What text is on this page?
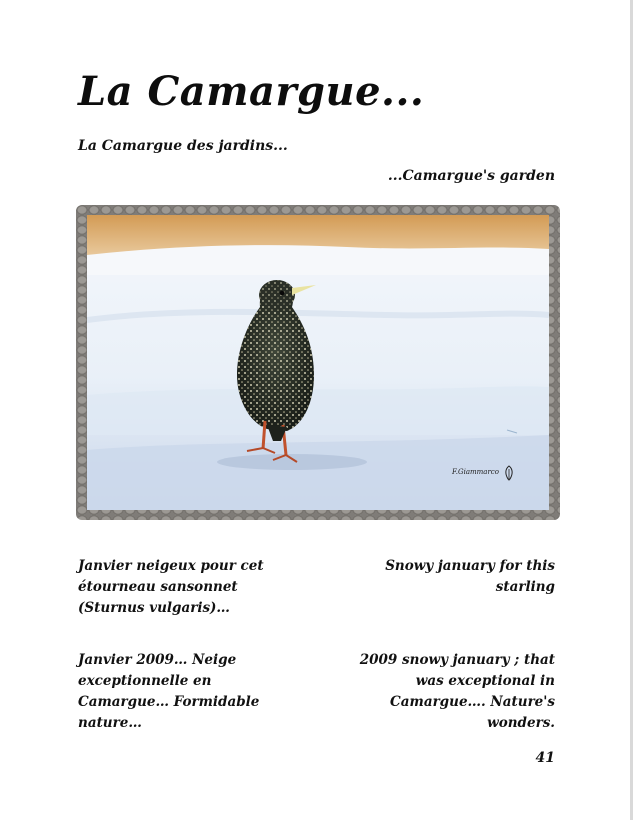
La Camargue...
La Camargue des jardins...
...Camargue's garden
F.Giammarco
Janvier neigeux pour cet étourneau sansonnet (Sturnus vulgaris)…
Snowy january for this starling
Janvier 2009… Neige exceptionnelle en Camargue… Formidable nature…
2009 snowy january ; that was exceptional in Camargue…. Nature's wonders.
41
